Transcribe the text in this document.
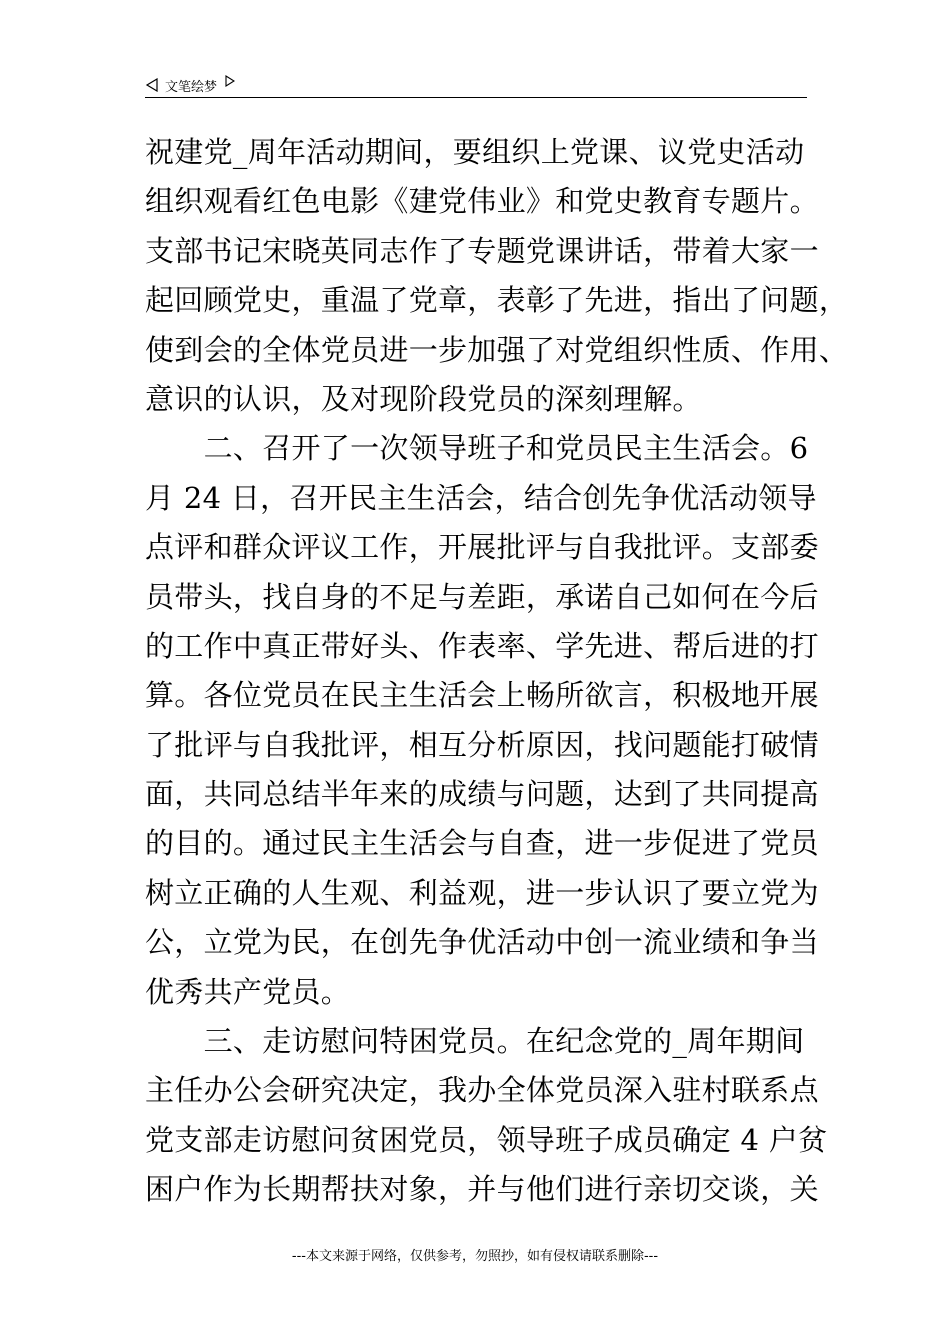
文笔绘梦
祝建党_周年活动期间，要组织上党课、议党史活动
组织观看红色电影《建党伟业》和党史教育专题片。
支部书记宋晓英同志作了专题党课讲话，带着大家一
起回顾党史，重温了党章，表彰了先进，指出了问题，
使到会的全体党员进一步加强了对党组织性质、作用、
意识的认识，及对现阶段党员的深刻理解。
　　二、召开了一次领导班子和党员民主生活会。6
月 24 日，召开民主生活会，结合创先争优活动领导
点评和群众评议工作，开展批评与自我批评。支部委
员带头，找自身的不足与差距，承诺自己如何在今后
的工作中真正带好头、作表率、学先进、帮后进的打
算。各位党员在民主生活会上畅所欲言，积极地开展
了批评与自我批评，相互分析原因，找问题能打破情
面，共同总结半年来的成绩与问题，达到了共同提高
的目的。通过民主生活会与自查，进一步促进了党员
树立正确的人生观、利益观，进一步认识了要立党为
公，立党为民，在创先争优活动中创一流业绩和争当
优秀共产党员。
　　三、走访慰问特困党员。在纪念党的_周年期间
主任办公会研究决定，我办全体党员深入驻村联系点
党支部走访慰问贫困党员，领导班子成员确定 4 户贫
困户作为长期帮扶对象，并与他们进行亲切交谈，关
---本文来源于网络，仅供参考，勿照抄，如有侵权请联系删除---
